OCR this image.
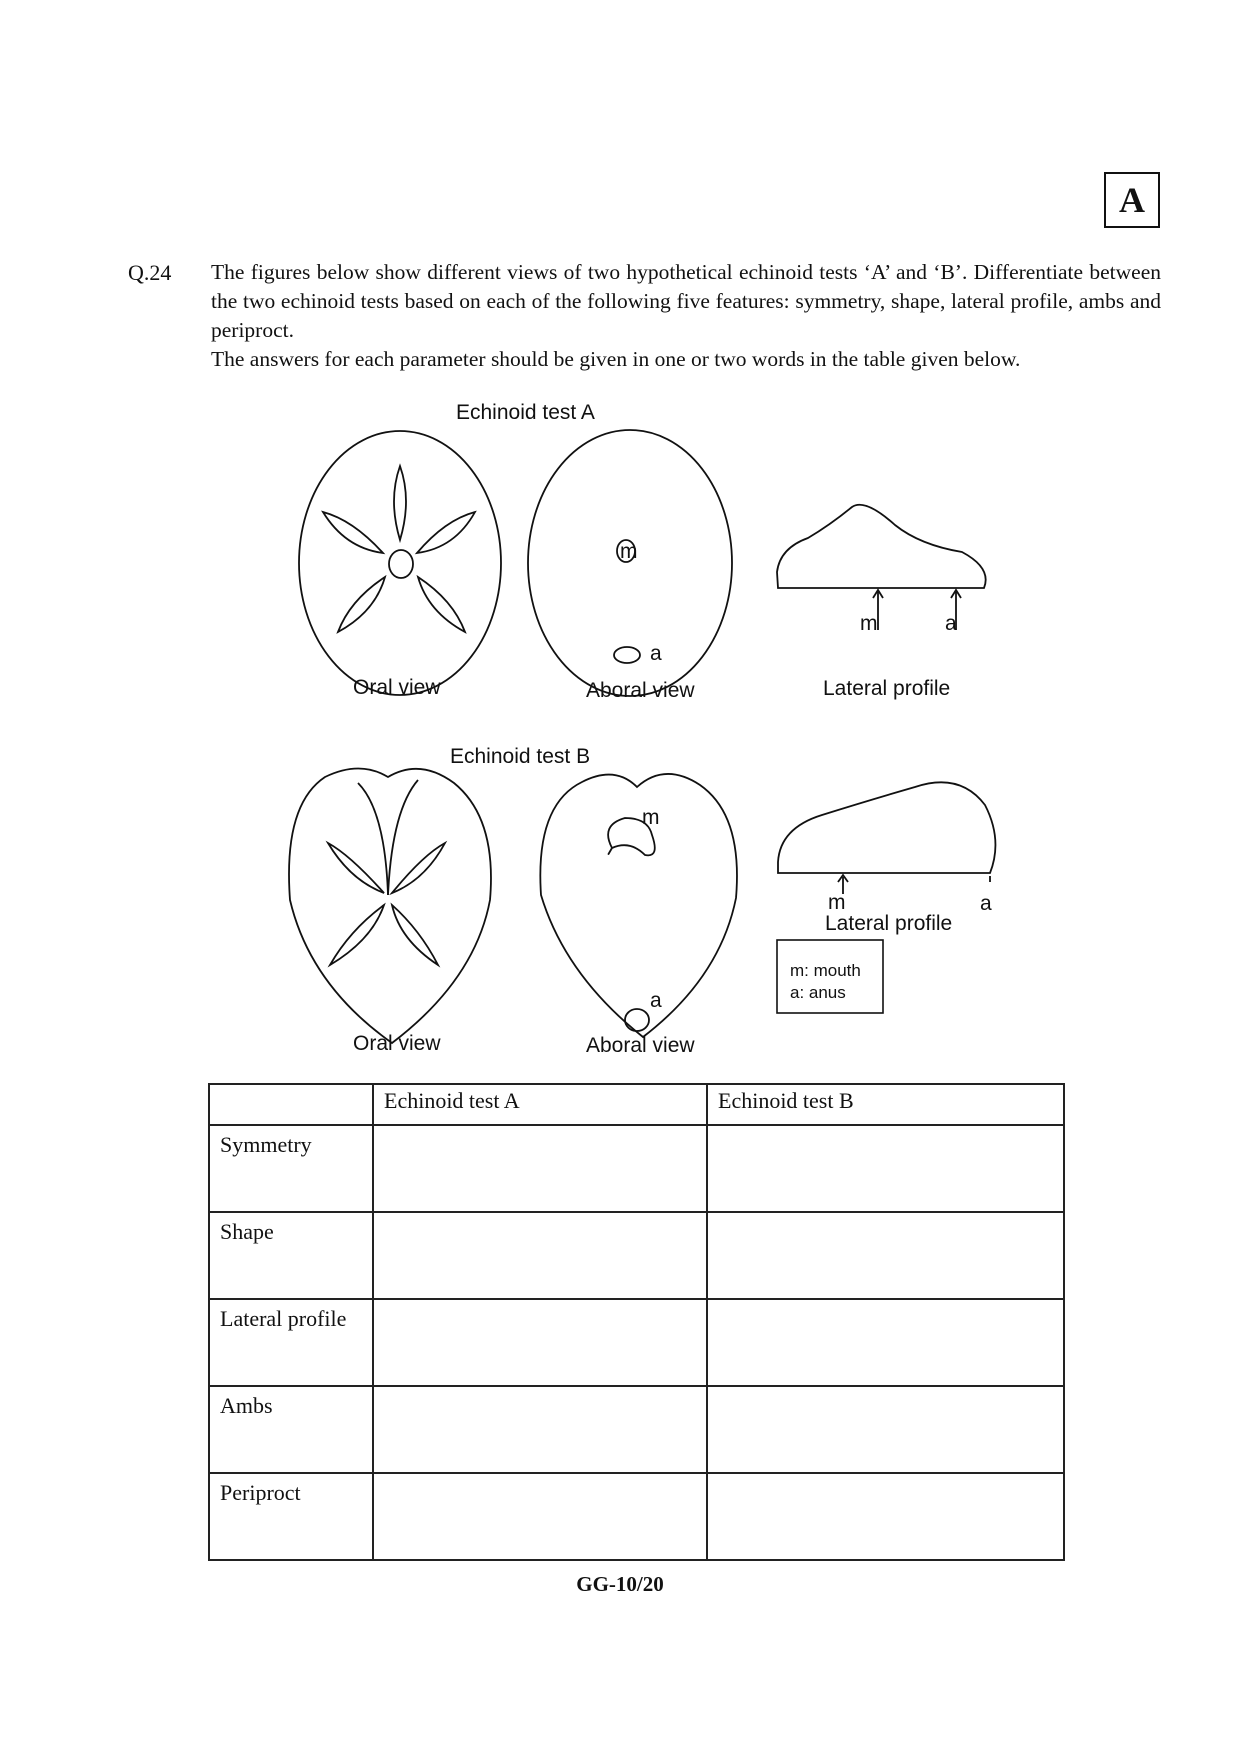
A
Q.24 The figures below show different views of two hypothetical echinoid tests ‘A’ and ‘B’. Differentiate between the two echinoid tests based on each of the following five features: symmetry, shape, lateral profile, ambs and periproct.

The answers for each parameter should be given in one or two words in the table given below.

Echinoid test A
m
a
Oral view	Aboral view	Lateral profile
m	a
Echinoid test B
m
a
Oral view	Aboral view
Lateral profile
m	a
m: mouth
a: anus
	Echinoid test A	Echinoid test B
Symmetry		
Shape		
Lateral profile		
Ambs		
Periproct		
GG-10/20
